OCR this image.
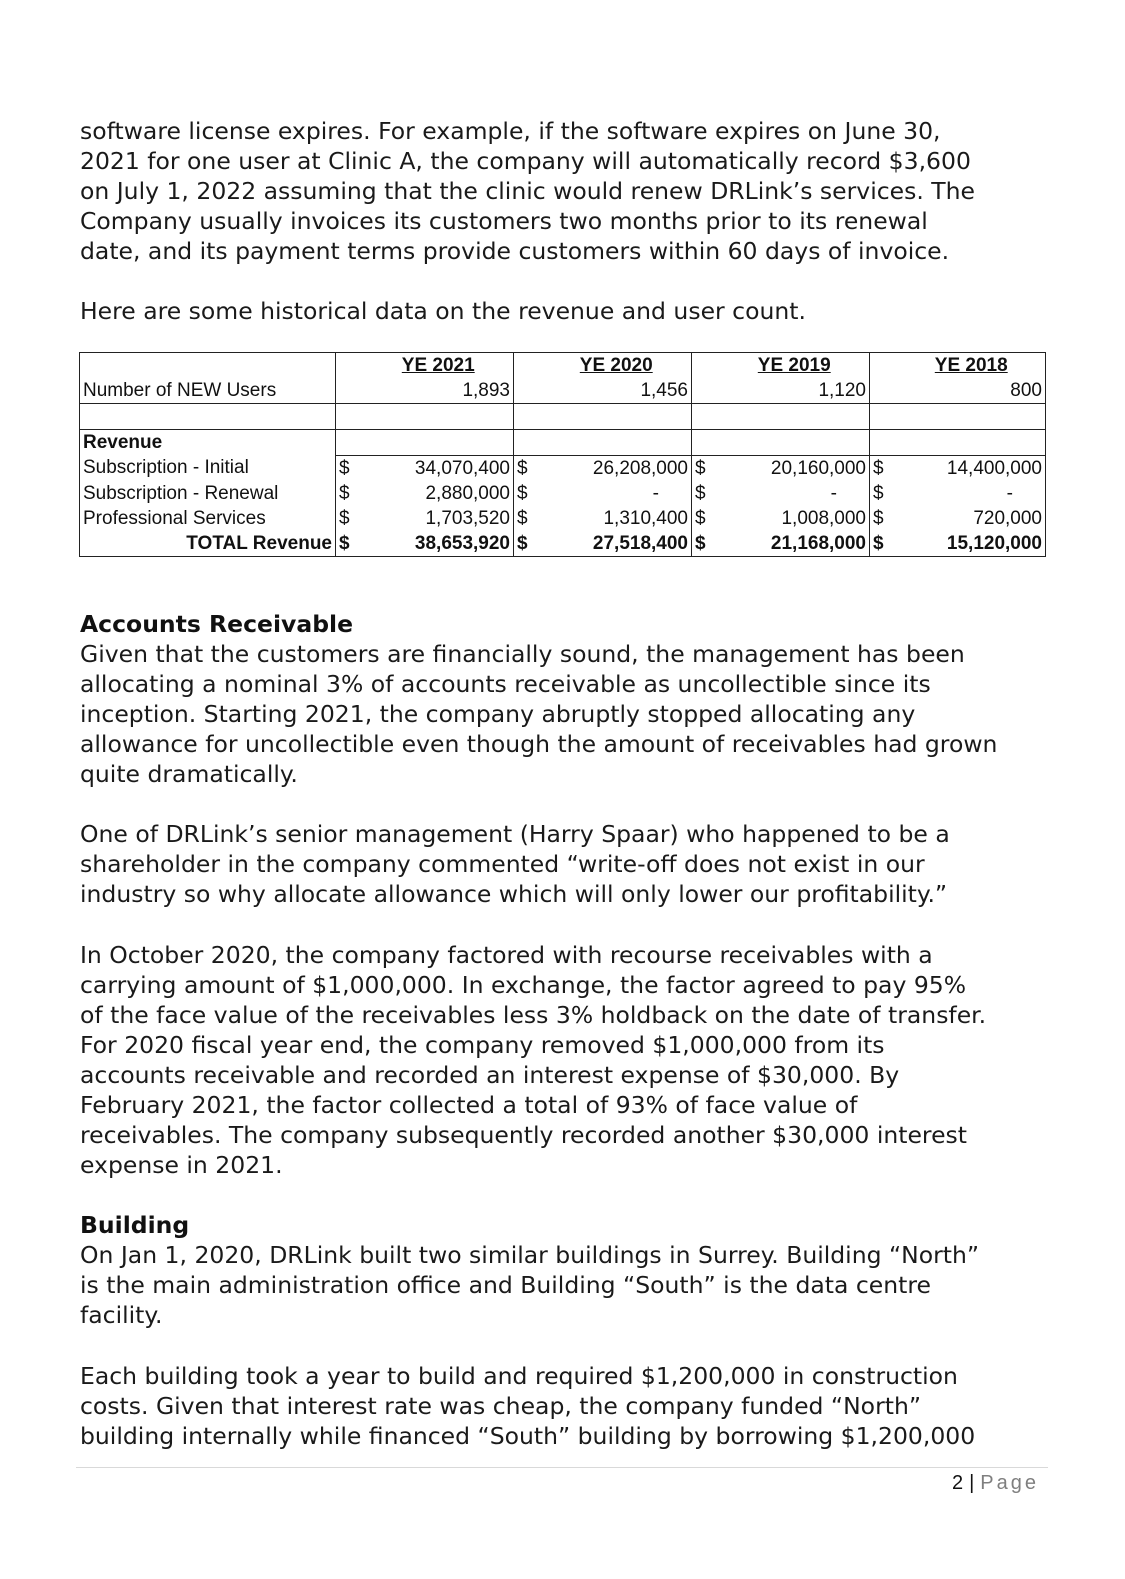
software license expires. For example, if the software expires on June 30,
2021 for one user at Clinic A, the company will automatically record $3,600
on July 1, 2022 assuming that the clinic would renew DRLink’s services. The
Company usually invoices its customers two months prior to its renewal
date, and its payment terms provide customers within 60 days of invoice.

Here are some historical data on the revenue and user count.

		YE 2021		YE 2020		YE 2019		YE 2018
Number of NEW Users		1,893		1,456		1,120		800

Revenue								
Subscription - Initial	$	34,070,400	$	26,208,000	$	20,160,000	$	14,400,000
Subscription - Renewal	$	2,880,000	$	-	$	-	$	-
Professional Services	$	1,703,520	$	1,310,400	$	1,008,000	$	720,000
TOTAL Revenue	$	38,653,920	$	27,518,400	$	21,168,000	$	15,120,000
Accounts Receivable

Given that the customers are financially sound, the management has been
allocating a nominal 3% of accounts receivable as uncollectible since its
inception. Starting 2021, the company abruptly stopped allocating any
allowance for uncollectible even though the amount of receivables had grown
quite dramatically.

One of DRLink’s senior management (Harry Spaar) who happened to be a
shareholder in the company commented “write-off does not exist in our
industry so why allocate allowance which will only lower our profitability.”

In October 2020, the company factored with recourse receivables with a
carrying amount of $1,000,000. In exchange, the factor agreed to pay 95%
of the face value of the receivables less 3% holdback on the date of transfer.
For 2020 fiscal year end, the company removed $1,000,000 from its
accounts receivable and recorded an interest expense of $30,000. By
February 2021, the factor collected a total of 93% of face value of
receivables. The company subsequently recorded another $30,000 interest
expense in 2021.

Building

On Jan 1, 2020, DRLink built two similar buildings in Surrey. Building “North”
is the main administration office and Building “South” is the data centre
facility.

Each building took a year to build and required $1,200,000 in construction
costs. Given that interest rate was cheap, the company funded “North”
building internally while financed “South” building by borrowing $1,200,000

2 | Page
